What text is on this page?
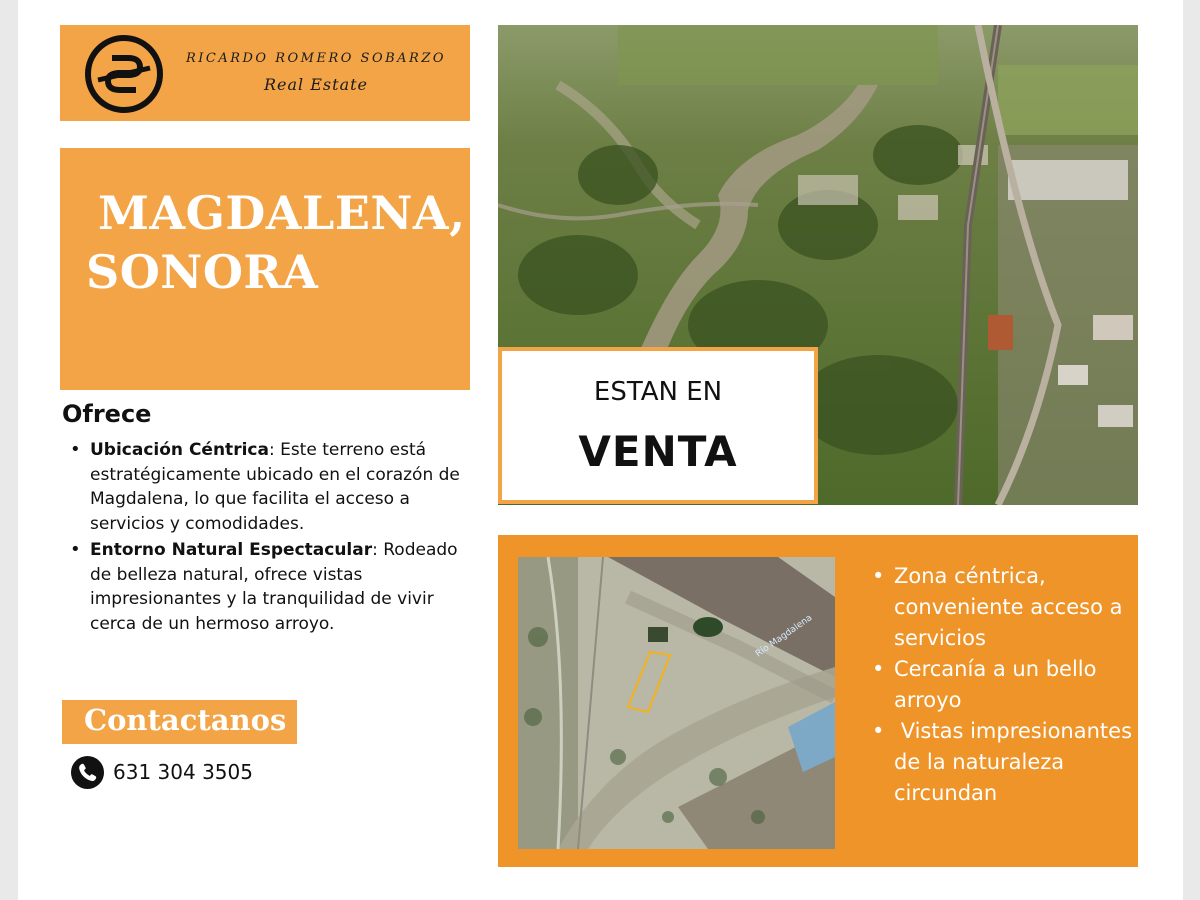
RICARDO ROMERO SOBARZO
Real Estate
MAGDALENA,
SONORA
Ofrece
• Ubicación Céntrica: Este terreno está estratégicamente ubicado en el corazón de Magdalena, lo que facilita el acceso a servicios y comodidades.
• Entorno Natural Espectacular: Rodeado de belleza natural, ofrece vistas impresionantes y la tranquilidad de vivir cerca de un hermoso arroyo.
Contactanos
631 304 3505
ESTAN EN
VENTA
Río Magdalena
• Zona céntrica, conveniente acceso a servicios
• Cercanía a un bello arroyo
• Vistas impresionantes de la naturaleza circundan
